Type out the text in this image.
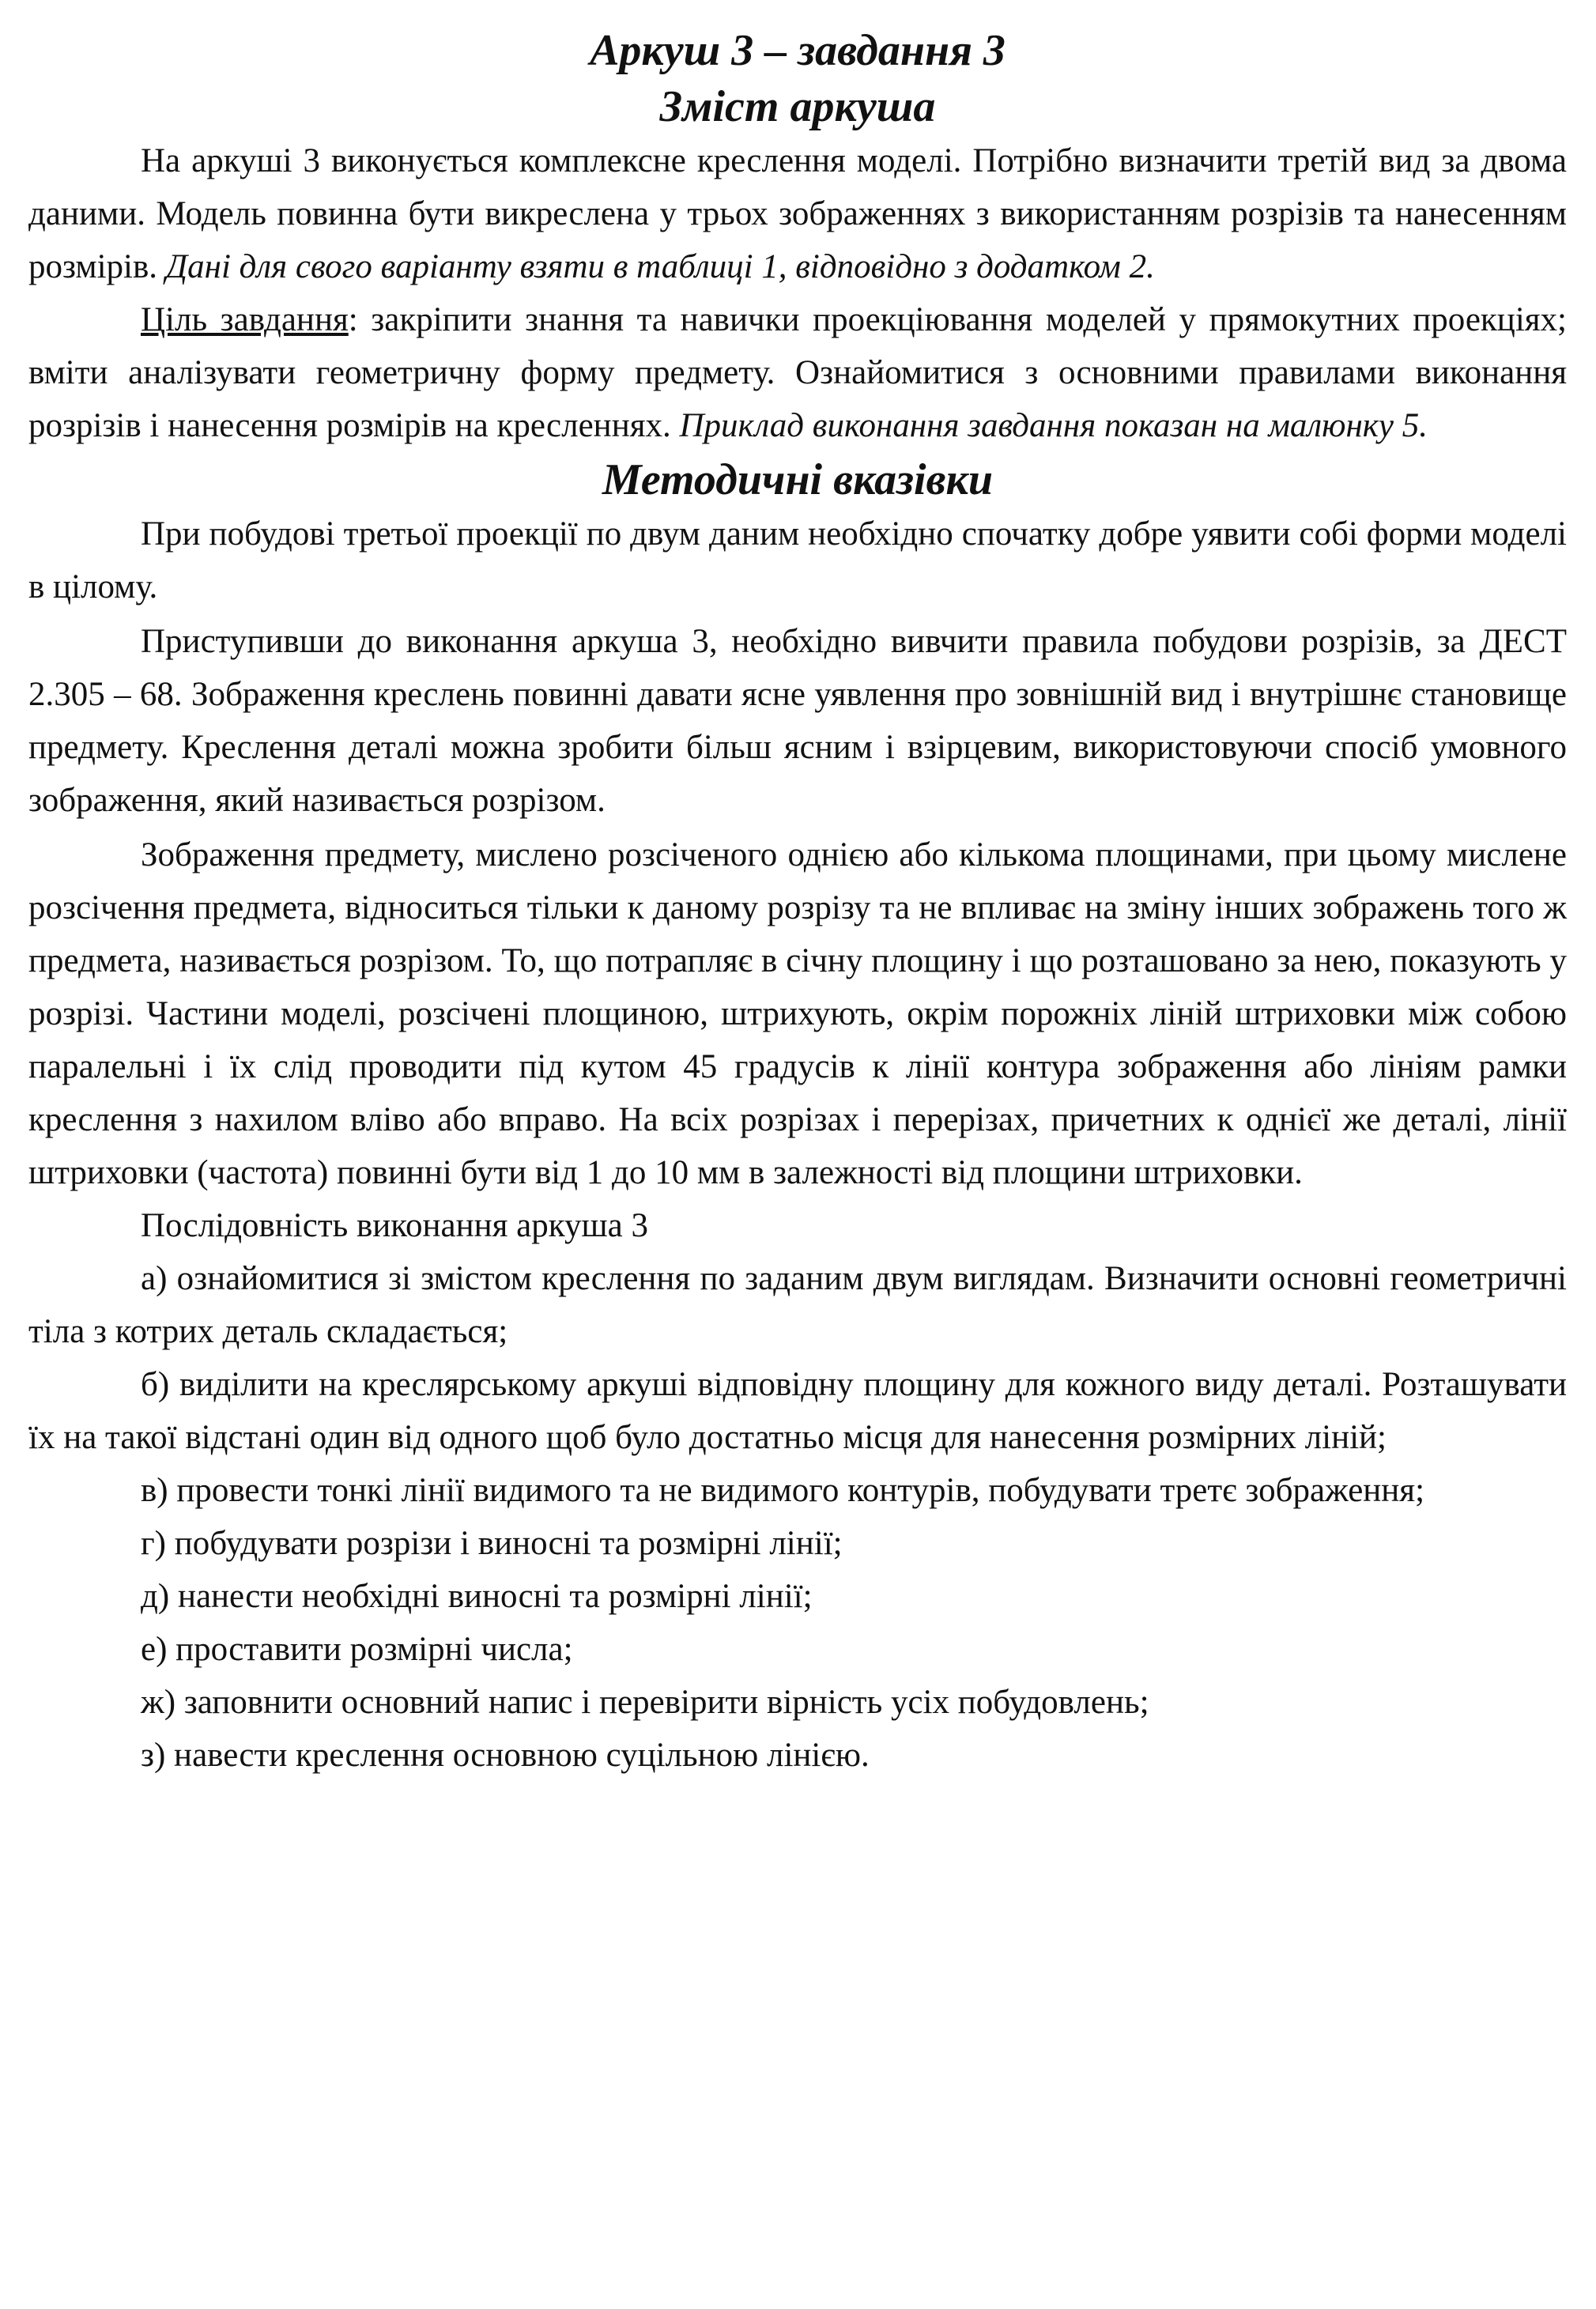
Аркуш 3 – завдання 3
Зміст аркуша

На аркуші 3 виконується комплексне креслення моделі. Потрібно визначити третій вид за двома даними. Модель повинна бути викреслена у трьох зображеннях з використанням розрізів та нанесенням розмірів. Дані для свого варіанту взяти в таблиці 1, відповідно з додатком 2.

Ціль завдання: закріпити знання та навички проекціювання моделей у прямокутних проекціях; вміти аналізувати геометричну форму предмету. Ознайомитися з основними правилами виконання розрізів і нанесення розмірів на кресленнях. Приклад виконання завдання показан на малюнку 5.

Методичні вказівки

При побудові третьої проекції по двум даним необхідно спочатку добре уявити собі форми моделі в цілому.

Приступивши до виконання аркуша 3, необхідно вивчити правила побудови розрізів, за ДЕСТ 2.305 – 68. Зображення креслень повинні давати ясне уявлення про зовнішній вид і внутрішнє становище предмету. Креслення деталі можна зробити більш ясним і взірцевим, використовуючи спосіб умовного зображення, який називається розрізом.

Зображення предмету, мислено розсіченого однією або кількома площинами, при цьому мислене розсічення предмета, відноситься тільки к даному розрізу та не впливає на зміну інших зображень того ж предмета, називається розрізом. То, що потрапляє в січну площину і що розташовано за нею, показують у розрізі. Частини моделі, розсічені площиною, штрихують, окрім порожніх ліній штриховки між собою паралельні і їх слід проводити під кутом 45 градусів к лінії контура зображення або лініям рамки креслення з нахилом вліво або вправо. На всіх розрізах і перерізах, причетних к однієї же деталі, лінії штриховки (частота) повинні бути від 1 до 10 мм в залежності від площини штриховки.

Послідовність виконання аркуша 3

а) ознайомитися зі змістом креслення по заданим двум виглядам. Визначити основні геометричні тіла з котрих деталь складається;

б) виділити на креслярському аркуші відповідну площину для кожного виду деталі. Розташувати їх на такої відстані один від одного щоб було достатньо місця для нанесення розмірних ліній;

в) провести тонкі лінії видимого та не видимого контурів, побудувати третє зображення;

г) побудувати розрізи і виносні та розмірні лінії;

д) нанести необхідні виносні та розмірні лінії;

е) проставити розмірні числа;

ж) заповнити основний напис і перевірити вірність усіх побудовлень;

з) навести креслення основною суцільною лінією.
